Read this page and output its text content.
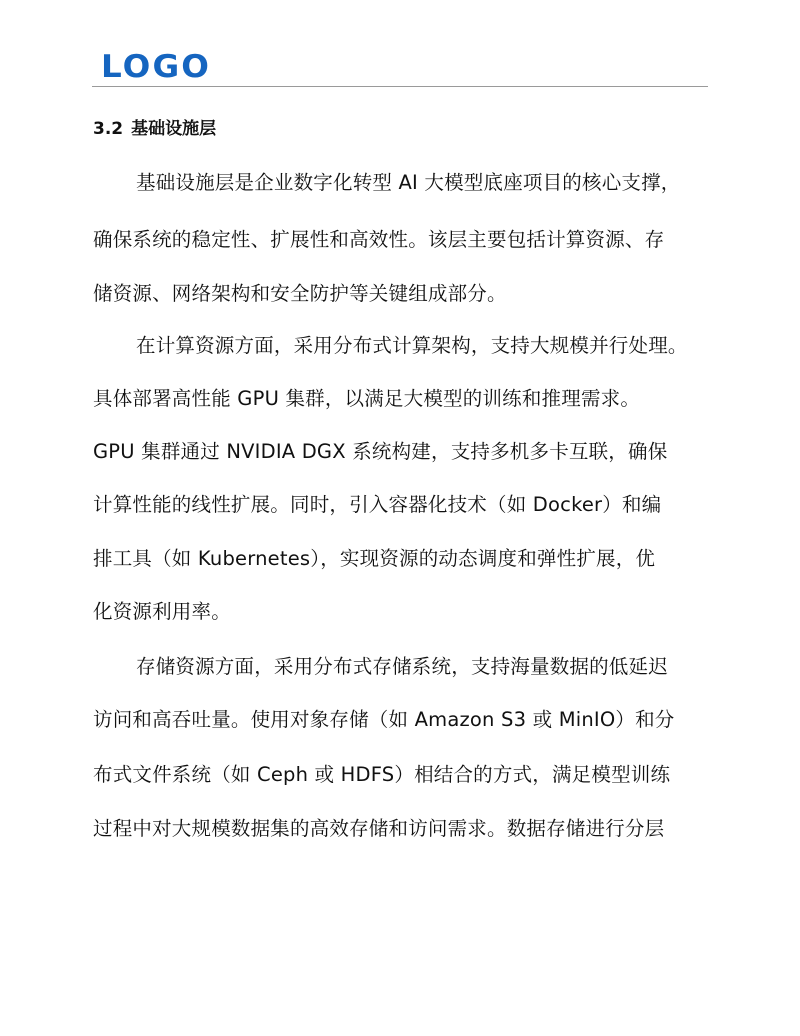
LOGO
3.2 基础设施层
基础设施层是企业数字化转型 AI 大模型底座项目的核心支撑，
确保系统的稳定性、扩展性和高效性。该层主要包括计算资源、存
储资源、网络架构和安全防护等关键组成部分。
在计算资源方面，采用分布式计算架构，支持大规模并行处理。
具体部署高性能 GPU 集群，以满足大模型的训练和推理需求。
GPU 集群通过 NVIDIA DGX 系统构建，支持多机多卡互联，确保
计算性能的线性扩展。同时，引入容器化技术（如 Docker）和编
排工具（如 Kubernetes），实现资源的动态调度和弹性扩展，优
化资源利用率。
存储资源方面，采用分布式存储系统，支持海量数据的低延迟
访问和高吞吐量。使用对象存储（如 Amazon S3 或 MinIO）和分
布式文件系统（如 Ceph 或 HDFS）相结合的方式，满足模型训练
过程中对大规模数据集的高效存储和访问需求。数据存储进行分层
